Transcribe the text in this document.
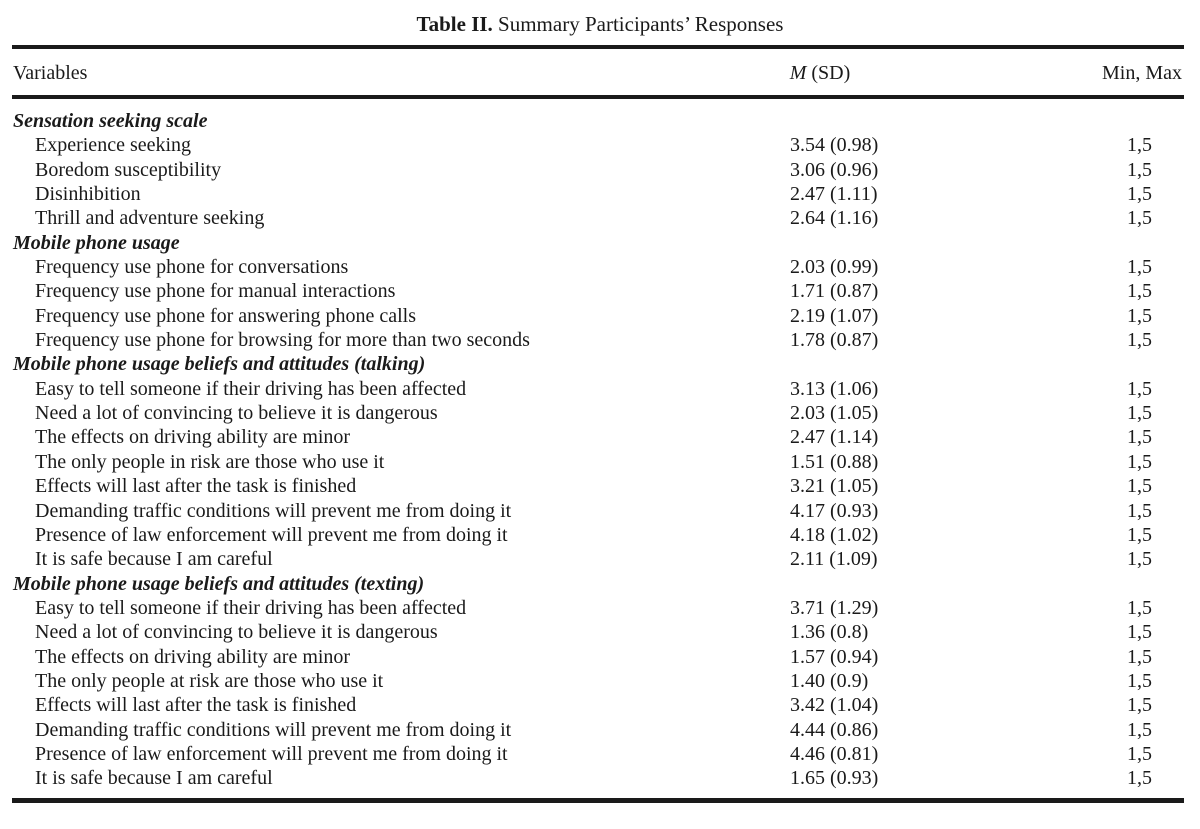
Table II. Summary Participants’ Responses
Variables	M (SD)	Min, Max
Sensation seeking scale
Experience seeking	3.54 (0.98)	1,5
Boredom susceptibility	3.06 (0.96)	1,5
Disinhibition	2.47 (1.11)	1,5
Thrill and adventure seeking	2.64 (1.16)	1,5
Mobile phone usage
Frequency use phone for conversations	2.03 (0.99)	1,5
Frequency use phone for manual interactions	1.71 (0.87)	1,5
Frequency use phone for answering phone calls	2.19 (1.07)	1,5
Frequency use phone for browsing for more than two seconds	1.78 (0.87)	1,5
Mobile phone usage beliefs and attitudes (talking)
Easy to tell someone if their driving has been affected	3.13 (1.06)	1,5
Need a lot of convincing to believe it is dangerous	2.03 (1.05)	1,5
The effects on driving ability are minor	2.47 (1.14)	1,5
The only people in risk are those who use it	1.51 (0.88)	1,5
Effects will last after the task is finished	3.21 (1.05)	1,5
Demanding traffic conditions will prevent me from doing it	4.17 (0.93)	1,5
Presence of law enforcement will prevent me from doing it	4.18 (1.02)	1,5
It is safe because I am careful	2.11 (1.09)	1,5
Mobile phone usage beliefs and attitudes (texting)
Easy to tell someone if their driving has been affected	3.71 (1.29)	1,5
Need a lot of convincing to believe it is dangerous	1.36 (0.8)	1,5
The effects on driving ability are minor	1.57 (0.94)	1,5
The only people at risk are those who use it	1.40 (0.9)	1,5
Effects will last after the task is finished	3.42 (1.04)	1,5
Demanding traffic conditions will prevent me from doing it	4.44 (0.86)	1,5
Presence of law enforcement will prevent me from doing it	4.46 (0.81)	1,5
It is safe because I am careful	1.65 (0.93)	1,5
